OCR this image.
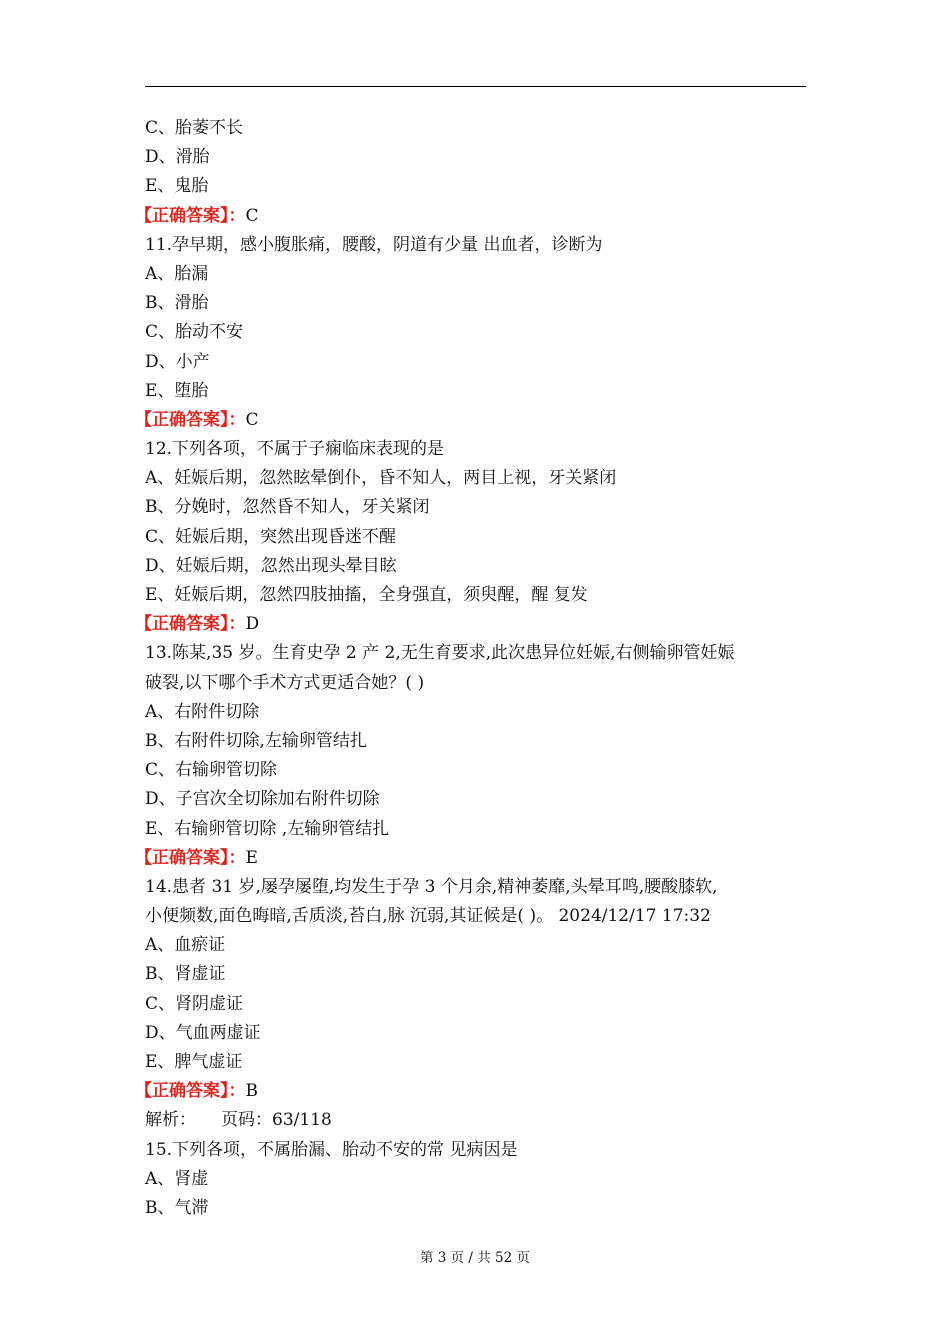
C、胎萎不长
D、滑胎
E、鬼胎
【正确答案】：C
11.孕早期，感小腹胀痛，腰酸，阴道有少量 出血者，诊断为
A、胎漏
B、滑胎
C、胎动不安
D、小产
E、堕胎
【正确答案】：C
12.下列各项，不属于子痫临床表现的是
A、妊娠后期，忽然眩晕倒仆，昏不知人，两目上视，牙关紧闭
B、分娩时，忽然昏不知人，牙关紧闭
C、妊娠后期，突然出现昏迷不醒
D、妊娠后期，忽然出现头晕目眩
E、妊娠后期，忽然四肢抽搐，全身强直，须臾醒，醒 复发
【正确答案】：D
13.陈某,35 岁。生育史孕 2 产 2,无生育要求,此次患异位妊娠,右侧输卵管妊娠
破裂,以下哪个手术方式更适合她？( )
A、右附件切除
B、右附件切除,左输卵管结扎
C、右输卵管切除
D、子宫次全切除加右附件切除
E、右输卵管切除 ,左输卵管结扎
【正确答案】：E
14.患者 31 岁,屡孕屡堕,均发生于孕 3 个月余,精神萎靡,头晕耳鸣,腰酸膝软,
小便频数,面色晦暗,舌质淡,苔白,脉 沉弱,其证候是( )。 2024/12/17 17:32
A、血瘀证
B、肾虚证
C、肾阴虚证
D、气血两虚证
E、脾气虚证
【正确答案】：B
解析： 页码：63/118
15.下列各项，不属胎漏、胎动不安的常 见病因是
A、肾虚
B、气滞
第 3 页 / 共 52 页
